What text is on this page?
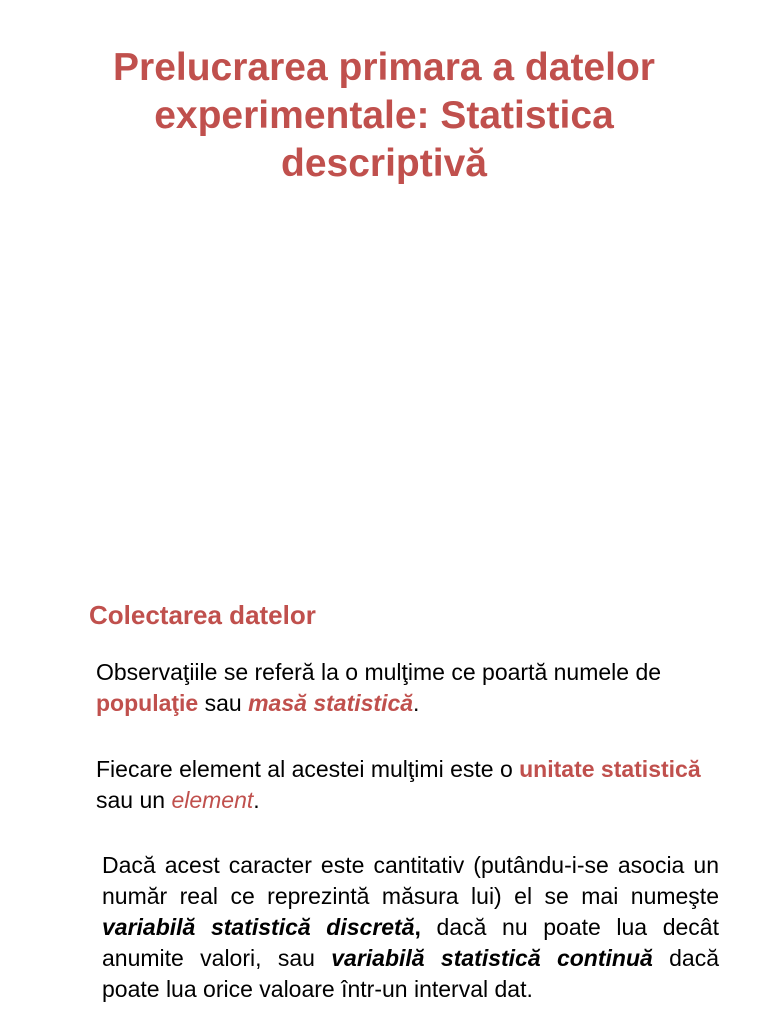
Prelucrarea primara a datelor
experimentale: Statistica
descriptivă
Colectarea datelor

Observaţiile se referă la o mulţime ce poartă numele de populaţie sau masă statistică.

Fiecare element al acestei mulţimi este o unitate statistică sau un element.

Dacă acest caracter este cantitativ (putându-i-se asocia un număr real ce reprezintă măsura lui) el se mai numeşte variabilă statistică discretă, dacă nu poate lua decât anumite valori, sau variabilă statistică continuă dacă poate lua orice valoare într-un interval dat.
